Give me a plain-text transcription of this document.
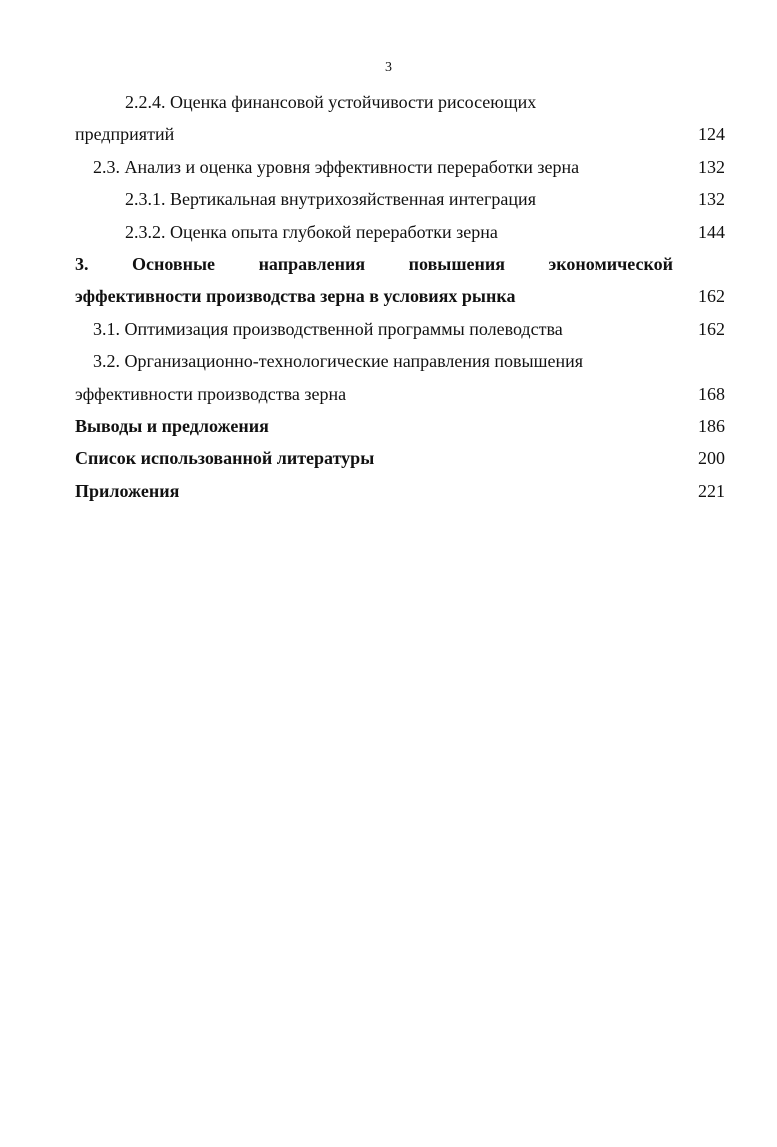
3
2.2.4. Оценка финансовой устойчивости рисосеющих
предприятий	124
2.3. Анализ и оценка уровня эффективности переработки зерна	132
2.3.1. Вертикальная внутрихозяйственная интеграция	132
2.3.2. Оценка опыта глубокой переработки зерна	144
3. Основные направления повышения экономической
эффективности производства зерна в условиях рынка	162
3.1. Оптимизация производственной программы полеводства	162
3.2. Организационно-технологические направления повышения
эффективности производства зерна	168
Выводы и предложения	186
Список использованной литературы	200
Приложения	221
